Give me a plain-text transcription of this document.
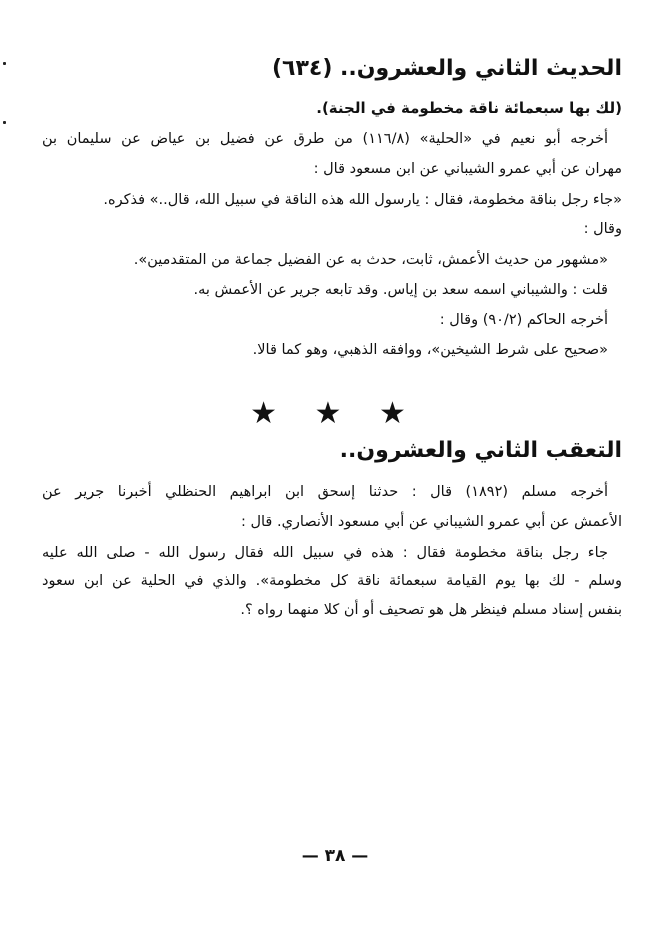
الحديث الثاني والعشرون.. (٦٣٤)
(لك بها سبعمائة ناقة مخطومة في الجنة).
أخرجه أبو نعيم في «الحلية» (١١٦/٨) من طرق عن فضيل بن عياض عن سليمان بن
مهران عن أبي عمرو الشيباني عن ابن مسعود قال :
«جاء رجل بناقة مخطومة، فقال : يارسول الله هذه الناقة في سبيل الله، قال..» فذكره.
وقال :
«مشهور من حديث الأعمش، ثابت، حدث به عن الفضيل جماعة من المتقدمين».
قلت : والشيباني اسمه سعد بن إياس. وقد تابعه جرير عن الأعمش به.
أخرجه الحاكم (٩٠/٢) وقال :
«صحيح على شرط الشيخين»، ووافقه الذهبي، وهو كما قالا.
★ ★ ★
التعقب الثاني والعشرون..
أخرجه مسلم (١٨٩٢) قال : حدثنا إسحق ابن ابراهيم الحنظلي أخبرنا جرير عن
الأعمش عن أبي عمرو الشيباني عن أبي مسعود الأنصاري. قال :
جاء رجل بناقة مخطومة فقال : هذه في سبيل الله فقال رسول الله - صلى الله عليه
وسلم - لك بها يوم القيامة سبعمائة ناقة كل مخطومة». والذي في الحلية عن ابن سعود
بنفس إسناد مسلم فينظر هل هو تصحيف أو أن كلا منهما رواه ؟.
— ٣٨ —
